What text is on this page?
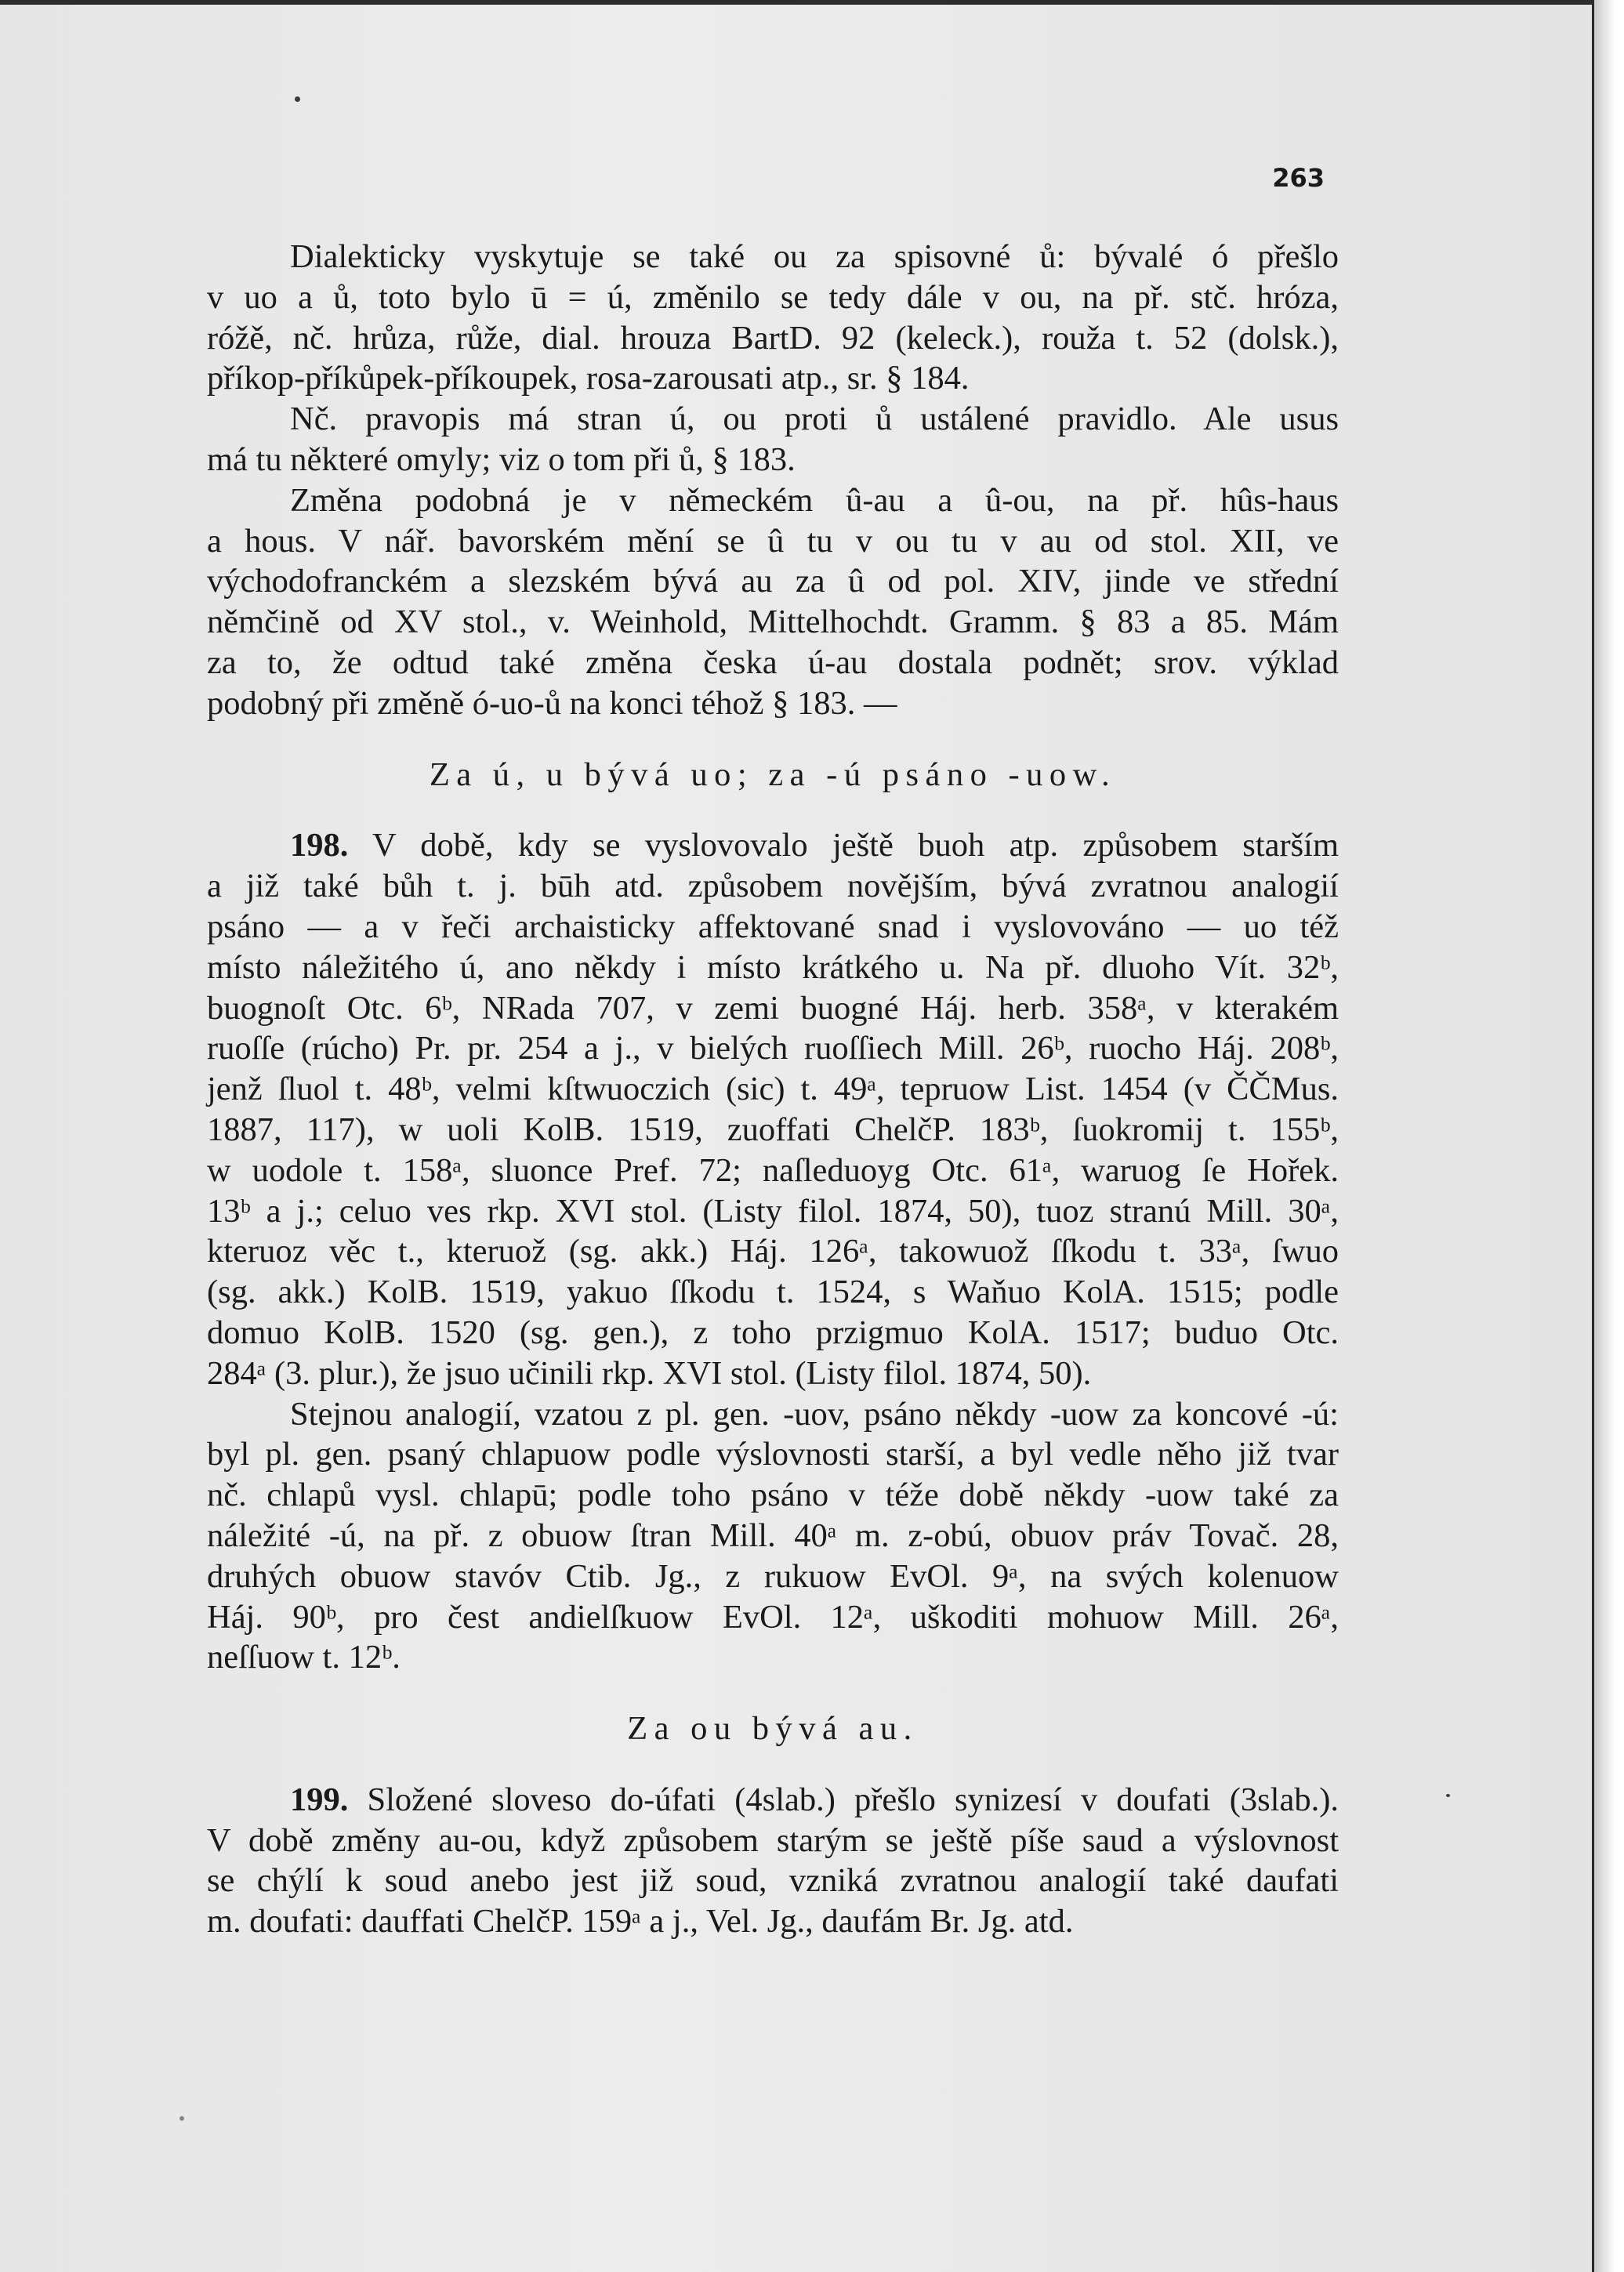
263

Dialekticky vyskytuje se také ou za spisovné ů: bývalé ó přešlo

v uo a ů, toto bylo ū = ú, změnilo se tedy dále v ou, na př. stč. hróza,

róžě, nč. hrůza, růže, dial. hrouza BartD. 92 (keleck.), rouža t. 52 (dolsk.),

příkop-příkůpek-příkoupek, rosa-zarousati atp., sr. § 184.

Nč. pravopis má stran ú, ou proti ů ustálené pravidlo. Ale usus

má tu některé omyly; viz o tom při ů, § 183.

Změna podobná je v německém û-au a û-ou, na př. hûs-haus

a hous. V nář. bavorském mění se û tu v ou tu v au od stol. XII, ve

východofranckém a slezském bývá au za û od pol. XIV, jinde ve střední

němčině od XV stol., v. Weinhold, Mittelhochdt. Gramm. § 83 a 85. Mám

za to, že odtud také změna česka ú-au dostala podnět; srov. výklad

podobný při změně ó-uo-ů na konci téhož § 183. —

Za ú, u bývá uo; za -ú psáno -uow.

198. V době, kdy se vyslovovalo ještě buoh atp. způsobem starším

a již také bůh t. j. būh atd. způsobem novějším, bývá zvratnou analogií

psáno — a v řeči archaisticky affektované snad i vyslovováno — uo též

místo náležitého ú, ano někdy i místo krátkého u. Na př. dluoho Vít. 32ᵇ,

buognoſt Otc. 6ᵇ, NRada 707, v zemi buogné Háj. herb. 358ᵃ, v kterakém

ruoſſe (rúcho) Pr. pr. 254 a j., v bielých ruoſſiech Mill. 26ᵇ, ruocho Háj. 208ᵇ,

jenž ſluol t. 48ᵇ, velmi kſtwuoczich (sic) t. 49ᵃ, tepruow List. 1454 (v ČČMus.

1887, 117), w uoli KolB. 1519, zuoffati ChelčP. 183ᵇ, ſuokromij t. 155ᵇ,

w uodole t. 158ᵃ, sluonce Pref. 72; naſleduoyg Otc. 61ᵃ, waruog ſe Hořek.

13ᵇ a j.; celuo ves rkp. XVI stol. (Listy filol. 1874, 50), tuoz stranú Mill. 30ᵃ,

kteruoz věc t., kteruož (sg. akk.) Háj. 126ᵃ, takowuož ſſkodu t. 33ᵃ, ſwuo

(sg. akk.) KolB. 1519, yakuo ſſkodu t. 1524, s Waňuo KolA. 1515; podle

domuo KolB. 1520 (sg. gen.), z toho przigmuo KolA. 1517; buduo Otc.

284ᵃ (3. plur.), že jsuo učinili rkp. XVI stol. (Listy filol. 1874, 50).

Stejnou analogií, vzatou z pl. gen. -uov, psáno někdy -uow za koncové -ú:

byl pl. gen. psaný chlapuow podle výslovnosti starší, a byl vedle něho již tvar

nč. chlapů vysl. chlapū; podle toho psáno v téže době někdy -uow také za

náležité -ú, na př. z obuow ſtran Mill. 40ᵃ m. z-obú, obuov práv Tovač. 28,

druhých obuow stavóv Ctib. Jg., z rukuow EvOl. 9ᵃ, na svých kolenuow

Háj. 90ᵇ, pro čest andielſkuow EvOl. 12ᵃ, uškoditi mohuow Mill. 26ᵃ,

neſſuow t. 12ᵇ.

Za ou bývá au.

199. Složené sloveso do-úfati (4slab.) přešlo synizesí v doufati (3slab.).

V době změny au-ou, když způsobem starým se ještě píše saud a výslovnost

se chýlí k soud anebo jest již soud, vzniká zvratnou analogií také daufati

m. doufati: dauffati ChelčP. 159ᵃ a j., Vel. Jg., daufám Br. Jg. atd.
